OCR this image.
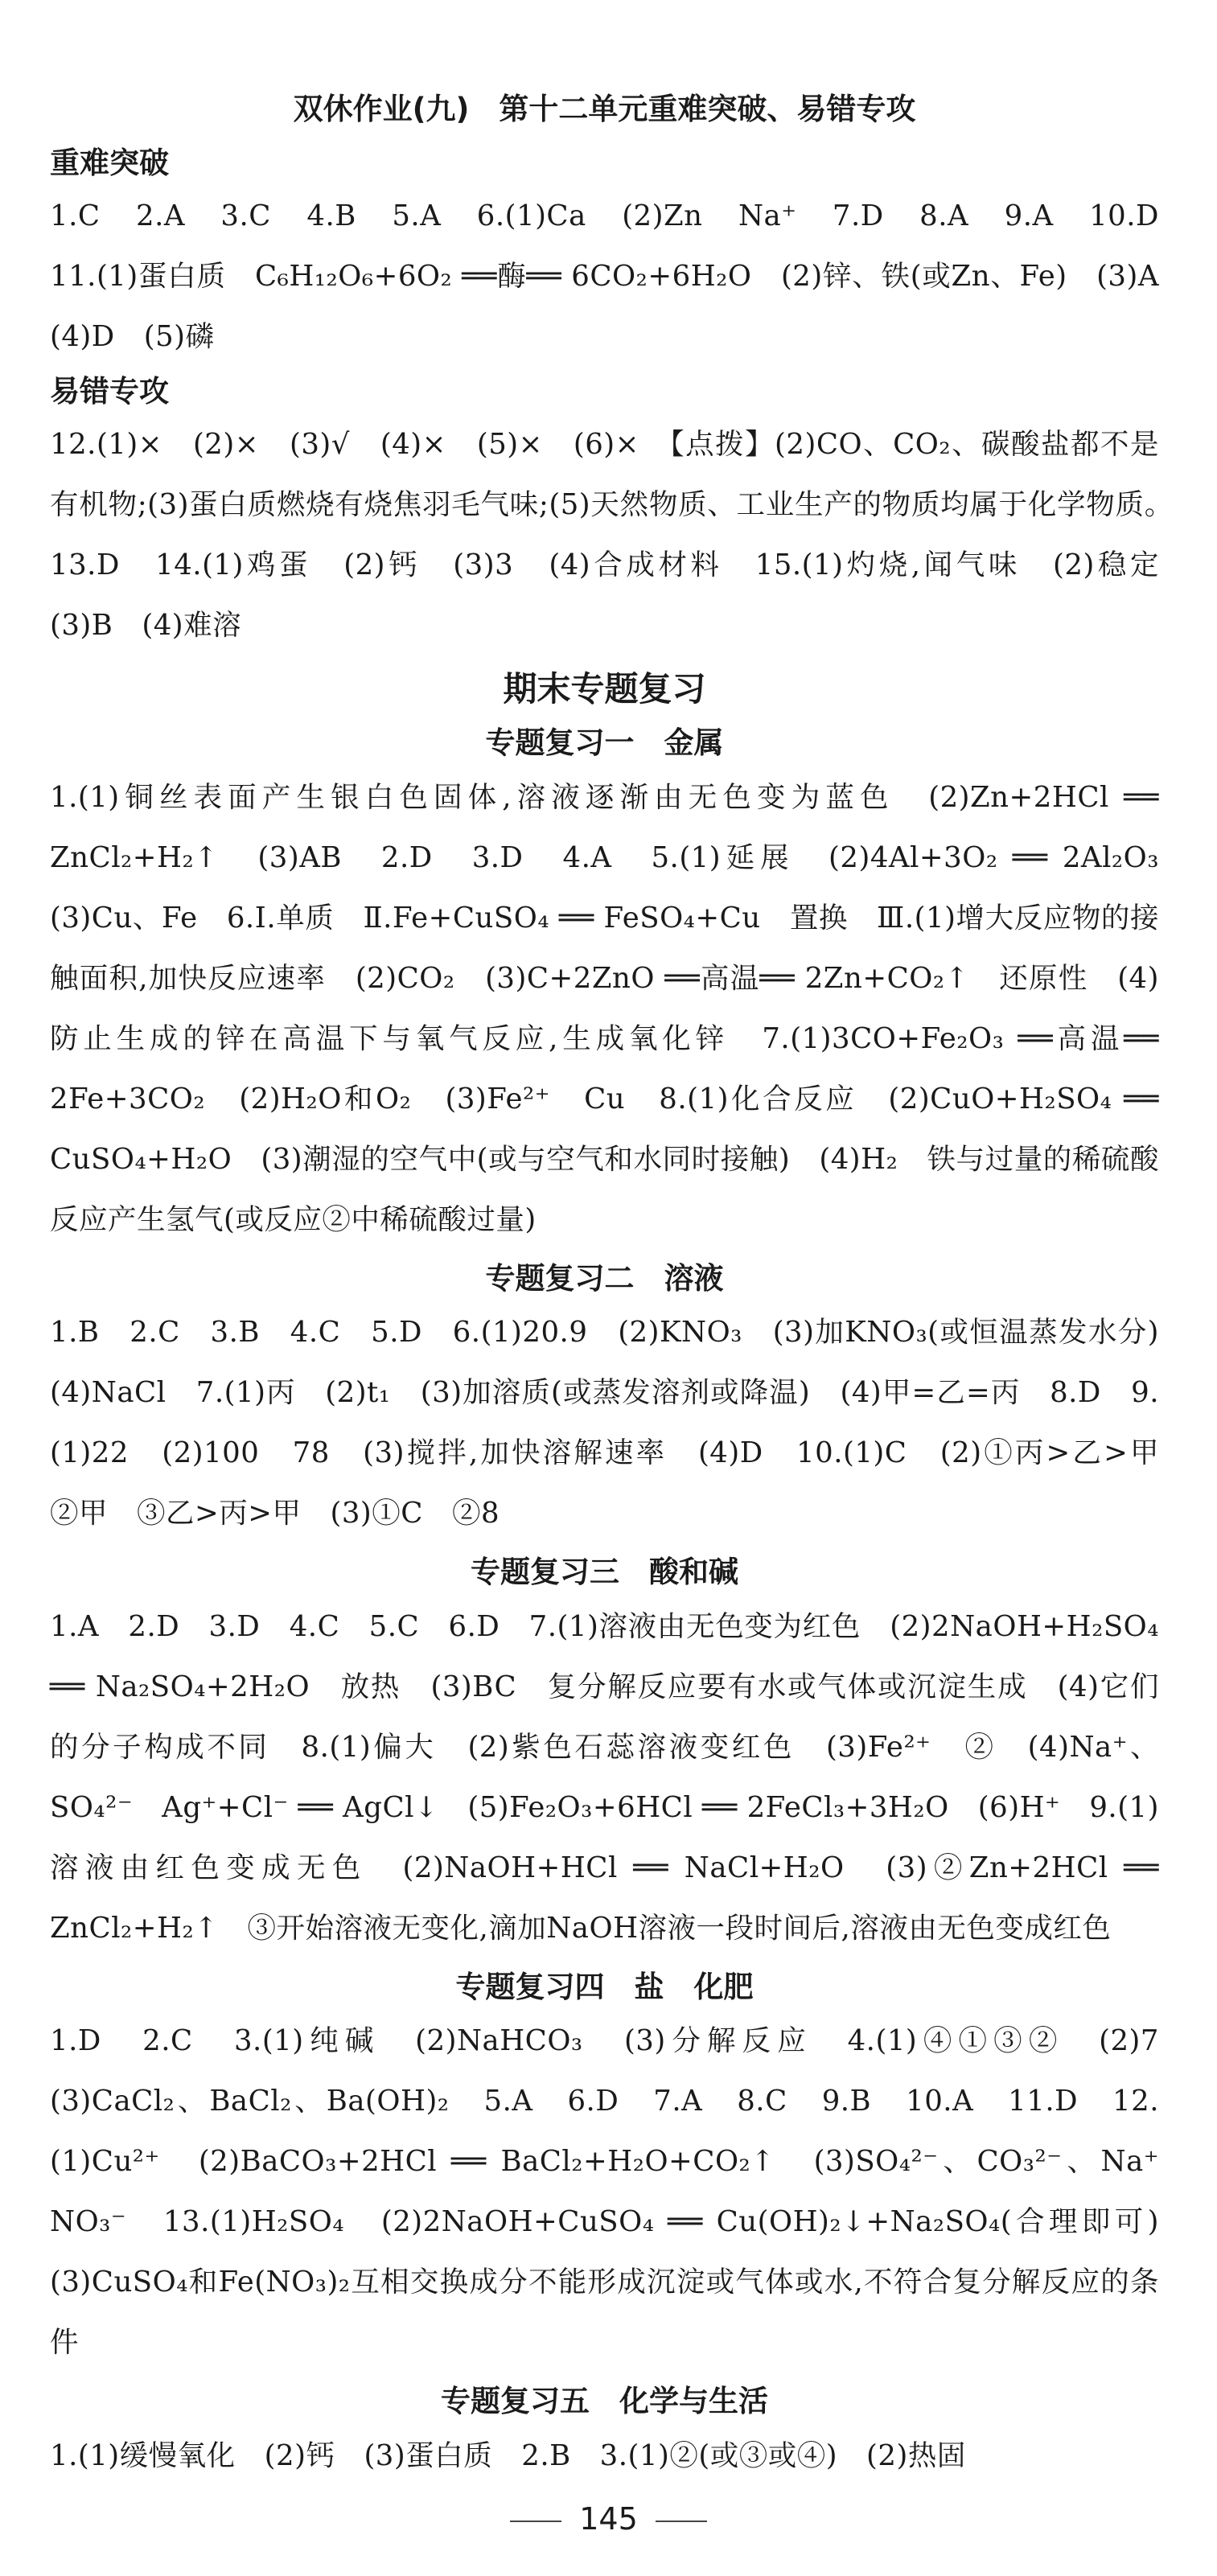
双休作业(九)　第十二单元重难突破、易错专攻
重难突破

1.C　2.A　3.C　4.B　5.A　6.(1)Ca　(2)Zn　Na⁺　7.D　8.A　9.A　10.D　11.(1)蛋白质　C₆H₁₂O₆+6O₂ ══酶══ 6CO₂+6H₂O　(2)锌、铁(或Zn、Fe)　(3)A　(4)D　(5)磷

易错专攻

12.(1)×　(2)×　(3)√　(4)×　(5)×　(6)×　【点拨】(2)CO、CO₂、碳酸盐都不是有机物;(3)蛋白质燃烧有烧焦羽毛气味;(5)天然物质、工业生产的物质均属于化学物质。　13.D　14.(1)鸡蛋　(2)钙　(3)3　(4)合成材料　15.(1)灼烧,闻气味　(2)稳定　(3)B　(4)难溶

期末专题复习
专题复习一　金属

1.(1)铜丝表面产生银白色固体,溶液逐渐由无色变为蓝色　(2)Zn+2HCl ══ ZnCl₂+H₂↑　(3)AB　2.D　3.D　4.A　5.(1)延展　(2)4Al+3O₂ ══ 2Al₂O₃　(3)Cu、Fe　6.Ⅰ.单质　Ⅱ.Fe+CuSO₄ ══ FeSO₄+Cu　置换　Ⅲ.(1)增大反应物的接触面积,加快反应速率　(2)CO₂　(3)C+2ZnO ══高温══ 2Zn+CO₂↑　还原性　(4)防止生成的锌在高温下与氧气反应,生成氧化锌　7.(1)3CO+Fe₂O₃ ══高温══ 2Fe+3CO₂　(2)H₂O和O₂　(3)Fe²⁺　Cu　8.(1)化合反应　(2)CuO+H₂SO₄ ══ CuSO₄+H₂O　(3)潮湿的空气中(或与空气和水同时接触)　(4)H₂　铁与过量的稀硫酸反应产生氢气(或反应②中稀硫酸过量)

专题复习二　溶液

1.B　2.C　3.B　4.C　5.D　6.(1)20.9　(2)KNO₃　(3)加KNO₃(或恒温蒸发水分)　(4)NaCl　7.(1)丙　(2)t₁　(3)加溶质(或蒸发溶剂或降温)　(4)甲=乙=丙　8.D　9.(1)22　(2)100　78　(3)搅拌,加快溶解速率　(4)D　10.(1)C　(2)①丙>乙>甲　②甲　③乙>丙>甲　(3)①C　②8

专题复习三　酸和碱

1.A　2.D　3.D　4.C　5.C　6.D　7.(1)溶液由无色变为红色　(2)2NaOH+H₂SO₄ ══ Na₂SO₄+2H₂O　放热　(3)BC　复分解反应要有水或气体或沉淀生成　(4)它们的分子构成不同　8.(1)偏大　(2)紫色石蕊溶液变红色　(3)Fe²⁺　②　(4)Na⁺、SO₄²⁻　Ag⁺+Cl⁻ ══ AgCl↓　(5)Fe₂O₃+6HCl ══ 2FeCl₃+3H₂O　(6)H⁺　9.(1)溶液由红色变成无色　(2)NaOH+HCl ══ NaCl+H₂O　(3)②Zn+2HCl ══ ZnCl₂+H₂↑　③开始溶液无变化,滴加NaOH溶液一段时间后,溶液由无色变成红色

专题复习四　盐　化肥

1.D　2.C　3.(1)纯碱　(2)NaHCO₃　(3)分解反应　4.(1)④①③②　(2)7　(3)CaCl₂、BaCl₂、Ba(OH)₂　5.A　6.D　7.A　8.C　9.B　10.A　11.D　12.(1)Cu²⁺　(2)BaCO₃+2HCl ══ BaCl₂+H₂O+CO₂↑　(3)SO₄²⁻、CO₃²⁻、Na⁺　NO₃⁻　13.(1)H₂SO₄　(2)2NaOH+CuSO₄ ══ Cu(OH)₂↓+Na₂SO₄(合理即可)　(3)CuSO₄和Fe(NO₃)₂互相交换成分不能形成沉淀或气体或水,不符合复分解反应的条件

专题复习五　化学与生活

1.(1)缓慢氧化　(2)钙　(3)蛋白质　2.B　3.(1)②(或③或④)　(2)热固

145
